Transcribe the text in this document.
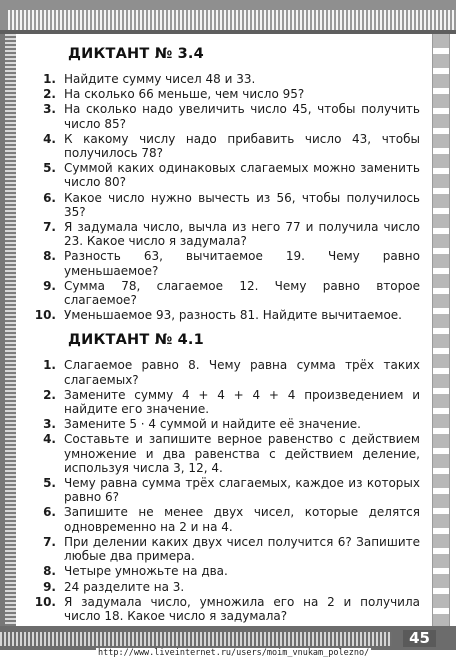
ДИКТАНТ № 3.4
1. Найдите сумму чисел 48 и 33.
2. На сколько 66 меньше, чем число 95?
3. На сколько надо увеличить число 45, чтобы получить число 85?
4. К какому числу надо прибавить число 43, чтобы получилось 78?
5. Суммой каких одинаковых слагаемых можно заменить число 80?
6. Какое число нужно вычесть из 56, чтобы получилось 35?
7. Я задумала число, вычла из него 77 и получила число 23. Какое число я задумала?
8. Разность 63, вычитаемое 19. Чему равно уменьшаемое?
9. Сумма 78, слагаемое 12. Чему равно второе слагаемое?
10. Уменьшаемое 93, разность 81. Найдите вычитаемое.
ДИКТАНТ № 4.1
1. Слагаемое равно 8. Чему равна сумма трёх таких слагаемых?
2. Замените сумму 4 + 4 + 4 + 4 произведением и найдите его значение.
3. Замените 5 · 4 суммой и найдите её значение.
4. Составьте и запишите верное равенство с действием умножение и два равенства с действием деление, используя числа 3, 12, 4.
5. Чему равна сумма трёх слагаемых, каждое из которых равно 6?
6. Запишите не менее двух чисел, которые делятся одновременно на 2 и на 4.
7. При делении каких двух чисел получится 6? Запишите любые два примера.
8. Четыре умножьте на два.
9. 24 разделите на 3.
10. Я задумала число, умножила его на 2 и получила число 18. Какое число я задумала?
45
http://www.liveinternet.ru/users/moim_vnukam_polezno/
